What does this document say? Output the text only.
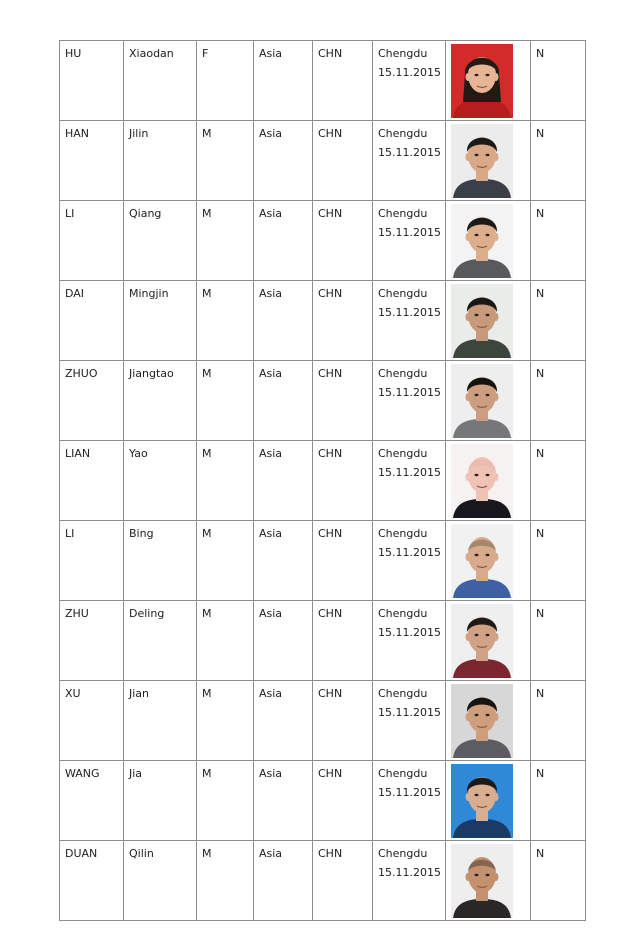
HU	Xiaodan	F	Asia	CHN	Chengdu
15.11.2015		N
HAN	Jilin	M	Asia	CHN	Chengdu
15.11.2015		N
LI	Qiang	M	Asia	CHN	Chengdu
15.11.2015		N
DAI	Mingjin	M	Asia	CHN	Chengdu
15.11.2015		N
ZHUO	Jiangtao	M	Asia	CHN	Chengdu
15.11.2015		N
LIAN	Yao	M	Asia	CHN	Chengdu
15.11.2015		N
LI	Bing	M	Asia	CHN	Chengdu
15.11.2015		N
ZHU	Deling	M	Asia	CHN	Chengdu
15.11.2015		N
XU	Jian	M	Asia	CHN	Chengdu
15.11.2015		N
WANG	Jia	M	Asia	CHN	Chengdu
15.11.2015		N
DUAN	Qilin	M	Asia	CHN	Chengdu
15.11.2015		N
